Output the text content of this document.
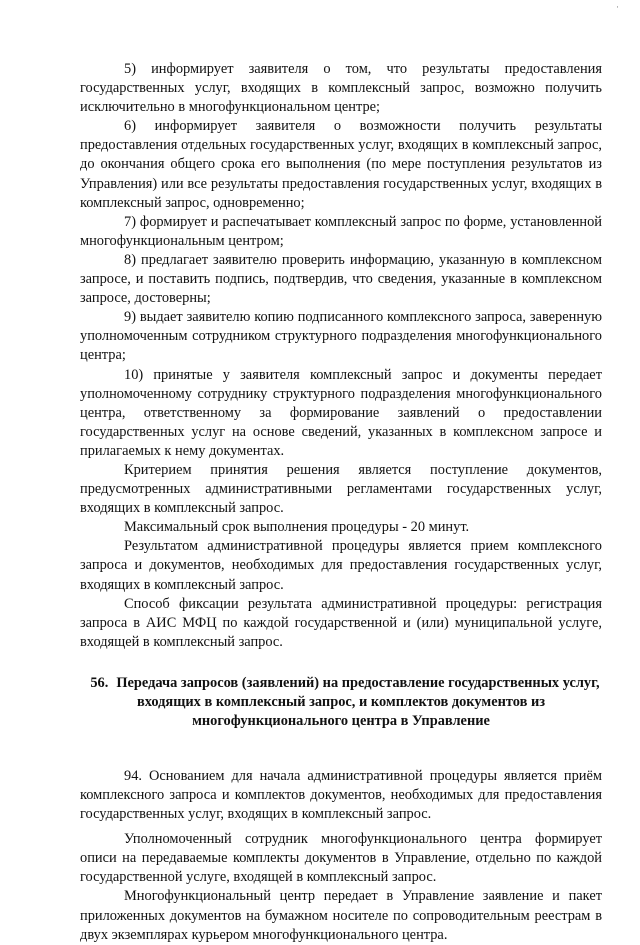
·

5) информирует заявителя о том, что результаты предоставления государственных услуг, входящих в комплексный запрос, возможно получить исключительно в многофункциональном центре;

6) информирует заявителя о возможности получить результаты предоставления отдельных государственных услуг, входящих в комплексный запрос, до окончания общего срока его выполнения (по мере поступления результатов из Управления) или все результаты предоставления государственных услуг, входящих в комплексный запрос, одновременно;

7) формирует и распечатывает комплексный запрос по форме, установленной многофункциональным центром;

8) предлагает заявителю проверить информацию, указанную в комплексном запросе, и поставить подпись, подтвердив, что сведения, указанные в комплексном запросе, достоверны;

9) выдает заявителю копию подписанного комплексного запроса, заверенную уполномоченным сотрудником структурного подразделения многофункционального центра;

10) принятые у заявителя комплексный запрос и документы передает уполномоченному сотруднику структурного подразделения многофункционального центра, ответственному за формирование заявлений о предоставлении государственных услуг на основе сведений, указанных в комплексном запросе и прилагаемых к нему документах.

Критерием принятия решения является поступление документов, предусмотренных административными регламентами государственных услуг, входящих в комплексный запрос.

Максимальный срок выполнения процедуры - 20 минут.

Результатом административной процедуры является прием комплексного запроса и документов, необходимых для предоставления государственных услуг, входящих в комплексный запрос.

Способ фиксации результата административной процедуры: регистрация запроса в АИС МФЦ по каждой государственной и (или) муниципальной услуге, входящей в комплексный запрос.

56. Передача запросов (заявлений) на предоставление государственных услуг, входящих в комплексный запрос, и комплектов документов из многофункционального центра в Управление

94. Основанием для начала административной процедуры является приём комплексного запроса и комплектов документов, необходимых для предоставления государственных услуг, входящих в комплексный запрос.

Уполномоченный сотрудник многофункционального центра формирует описи на передаваемые комплекты документов в Управление, отдельно по каждой государственной услуге, входящей в комплексный запрос.

Многофункциональный центр передает в Управление заявление и пакет приложенных документов на бумажном носителе по сопроводительным реестрам в двух экземплярах курьером многофункционального центра.
